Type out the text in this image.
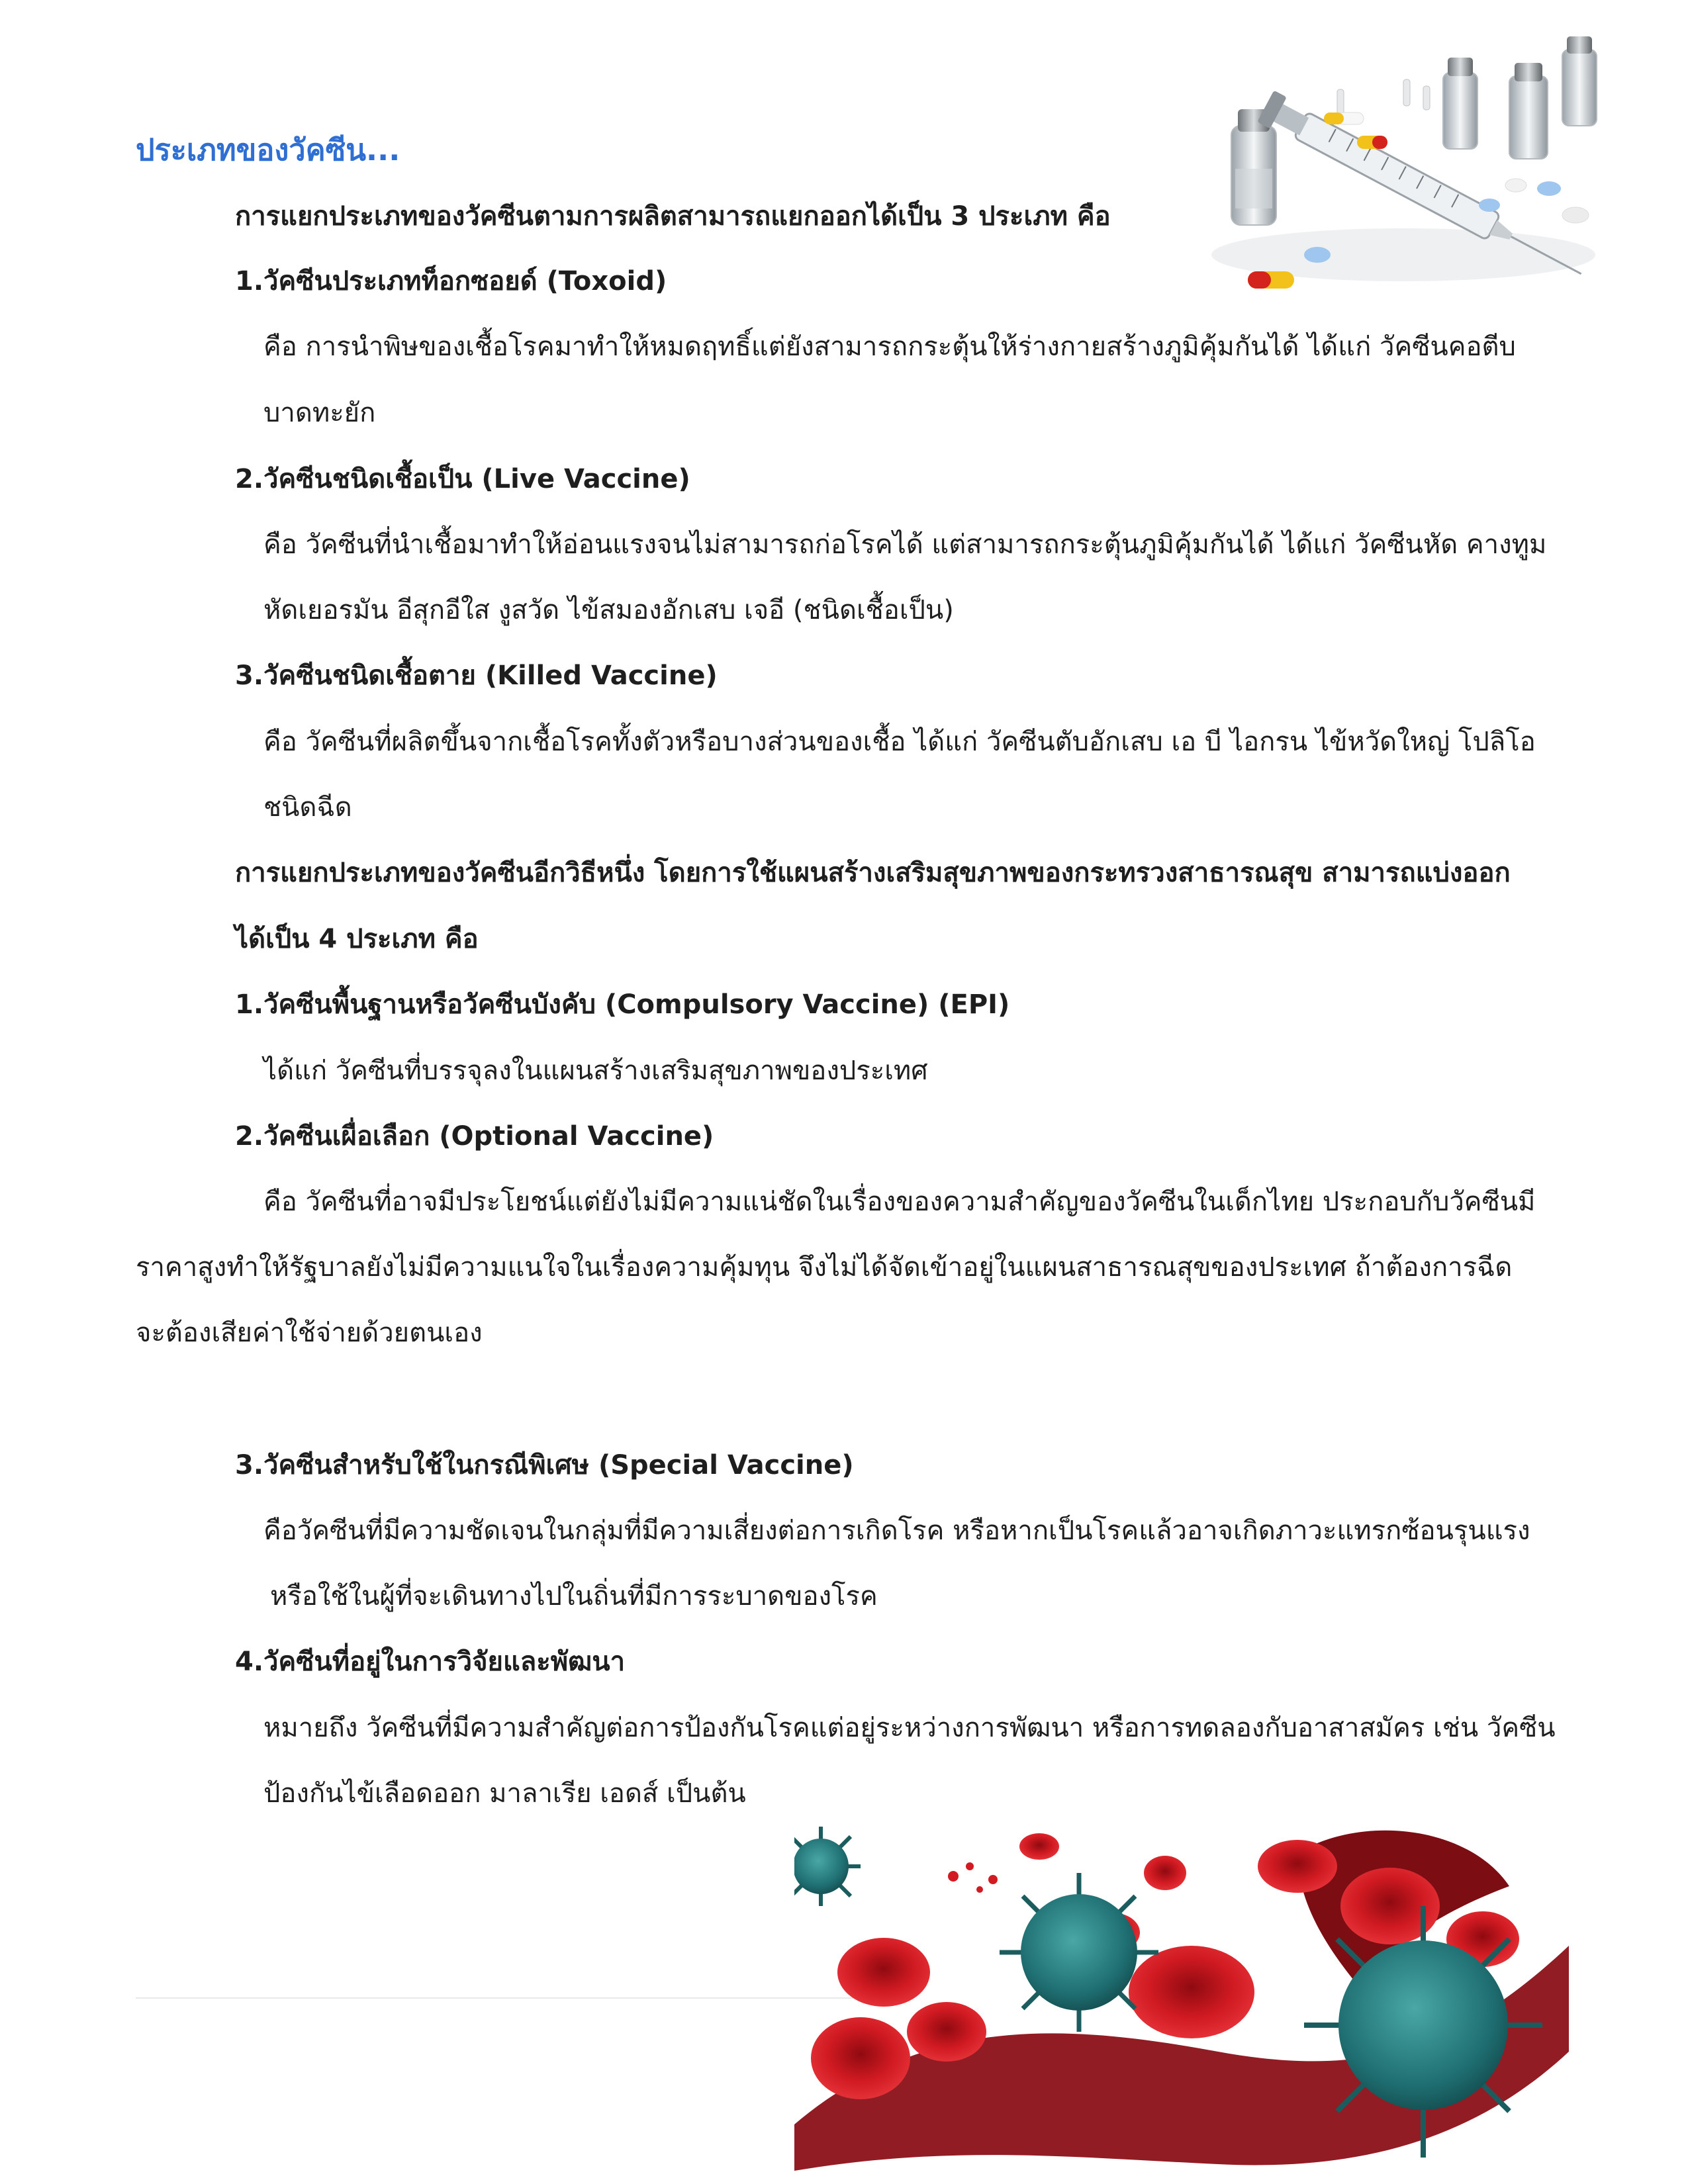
ประเภทของวัคซีน...
การแยกประเภทของวัคซีนตามการผลิตสามารถแยกออกได้เป็น 3 ประเภท คือ
1.วัคซีนประเภทท็อกซอยด์ (Toxoid)
คือ การนำพิษของเชื้อโรคมาทำให้หมดฤทธิ์แต่ยังสามารถกระตุ้นให้ร่างกายสร้างภูมิคุ้มกันได้ ได้แก่ วัคซีนคอตีบ
บาดทะยัก
2.วัคซีนชนิดเชื้อเป็น (Live Vaccine)
คือ วัคซีนที่นำเชื้อมาทำให้อ่อนแรงจนไม่สามารถก่อโรคได้ แต่สามารถกระตุ้นภูมิคุ้มกันได้ ได้แก่ วัคซีนหัด คางทูม
หัดเยอรมัน อีสุกอีใส งูสวัด ไข้สมองอักเสบ เจอี (ชนิดเชื้อเป็น)
3.วัคซีนชนิดเชื้อตาย (Killed Vaccine)
คือ วัคซีนที่ผลิตขึ้นจากเชื้อโรคทั้งตัวหรือบางส่วนของเชื้อ ได้แก่ วัคซีนตับอักเสบ เอ บี ไอกรน ไข้หวัดใหญ่ โปลิโอ
ชนิดฉีด
การแยกประเภทของวัคซีนอีกวิธีหนึ่ง โดยการใช้แผนสร้างเสริมสุขภาพของกระทรวงสาธารณสุข สามารถแบ่งออก
ได้เป็น 4 ประเภท คือ
1.วัคซีนพื้นฐานหรือวัคซีนบังคับ (Compulsory Vaccine) (EPI)
ได้แก่ วัคซีนที่บรรจุลงในแผนสร้างเสริมสุขภาพของประเทศ
2.วัคซีนเผื่อเลือก (Optional Vaccine)
คือ วัคซีนที่อาจมีประโยชน์แต่ยังไม่มีความแน่ชัดในเรื่องของความสำคัญของวัคซีนในเด็กไทย ประกอบกับวัคซีนมี
ราคาสูงทำให้รัฐบาลยังไม่มีความแนใจในเรื่องความคุ้มทุน จึงไม่ได้จัดเข้าอยู่ในแผนสาธารณสุขของประเทศ ถ้าต้องการฉีด
จะต้องเสียค่าใช้จ่ายด้วยตนเอง
3.วัคซีนสำหรับใช้ในกรณีพิเศษ (Special Vaccine)
คือวัคซีนที่มีความชัดเจนในกลุ่มที่มีความเสี่ยงต่อการเกิดโรค หรือหากเป็นโรคแล้วอาจเกิดภาวะแทรกซ้อนรุนแรง
หรือใช้ในผู้ที่จะเดินทางไปในถิ่นที่มีการระบาดของโรค
4.วัคซีนที่อยู่ในการวิจัยและพัฒนา
หมายถึง วัคซีนที่มีความสำคัญต่อการป้องกันโรคแต่อยู่ระหว่างการพัฒนา หรือการทดลองกับอาสาสมัคร เช่น วัคซีน
ป้องกันไข้เลือดออก มาลาเรีย เอดส์ เป็นต้น
